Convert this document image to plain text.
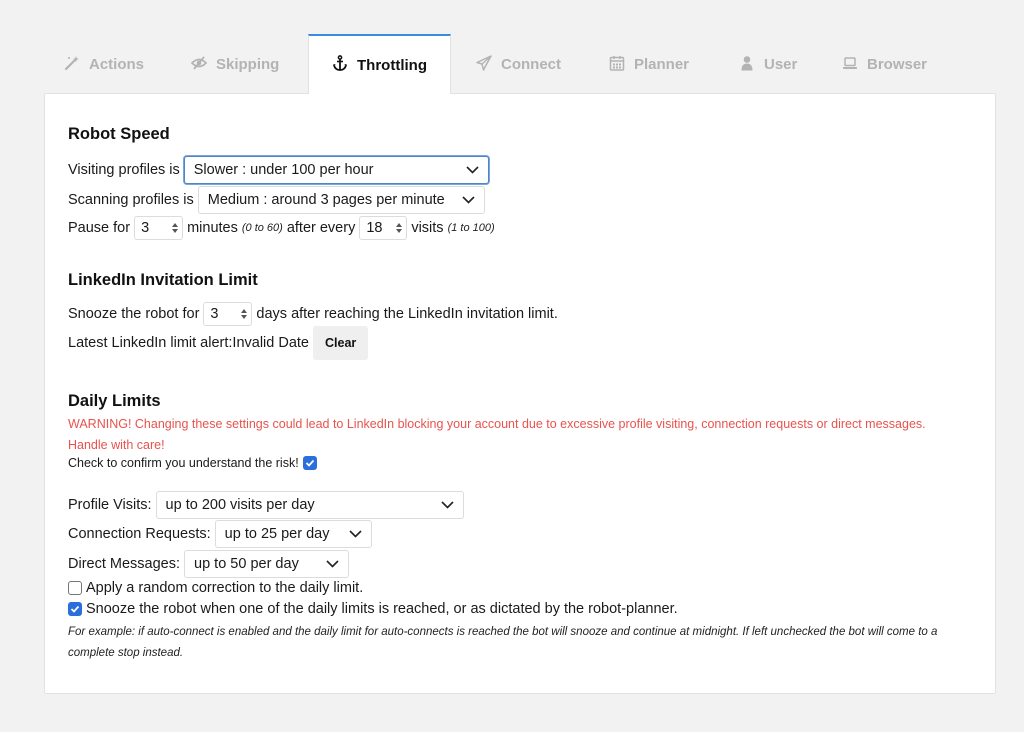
Actions	Skipping	Throttling	Connect	Planner	User	Browser
Robot Speed
Visiting profiles is Slower : under 100 per hour
Scanning profiles is Medium : around 3 pages per minute
Pause for 3	minutes (0 to 60) after every 18 visits (1 to 100)
LinkedIn Invitation Limit
Snooze the robot for 3	days after reaching the LinkedIn invitation limit.
Latest LinkedIn limit alert:Invalid Date	Clear
Daily Limits
WARNING! Changing these settings could lead to LinkedIn blocking your account due to excessive profile visiting, connection requests or direct messages. Handle with care!
Check to confirm you understand the risk!
Profile Visits: up to 200 visits per day
Connection Requests: up to 25 per day
Direct Messages: up to 50 per day
Apply a random correction to the daily limit.
Snooze the robot when one of the daily limits is reached, or as dictated by the robot-planner.
For example: if auto-connect is enabled and the daily limit for auto-connects is reached the bot will snooze and continue at midnight. If left unchecked the bot will come to a complete stop instead.
